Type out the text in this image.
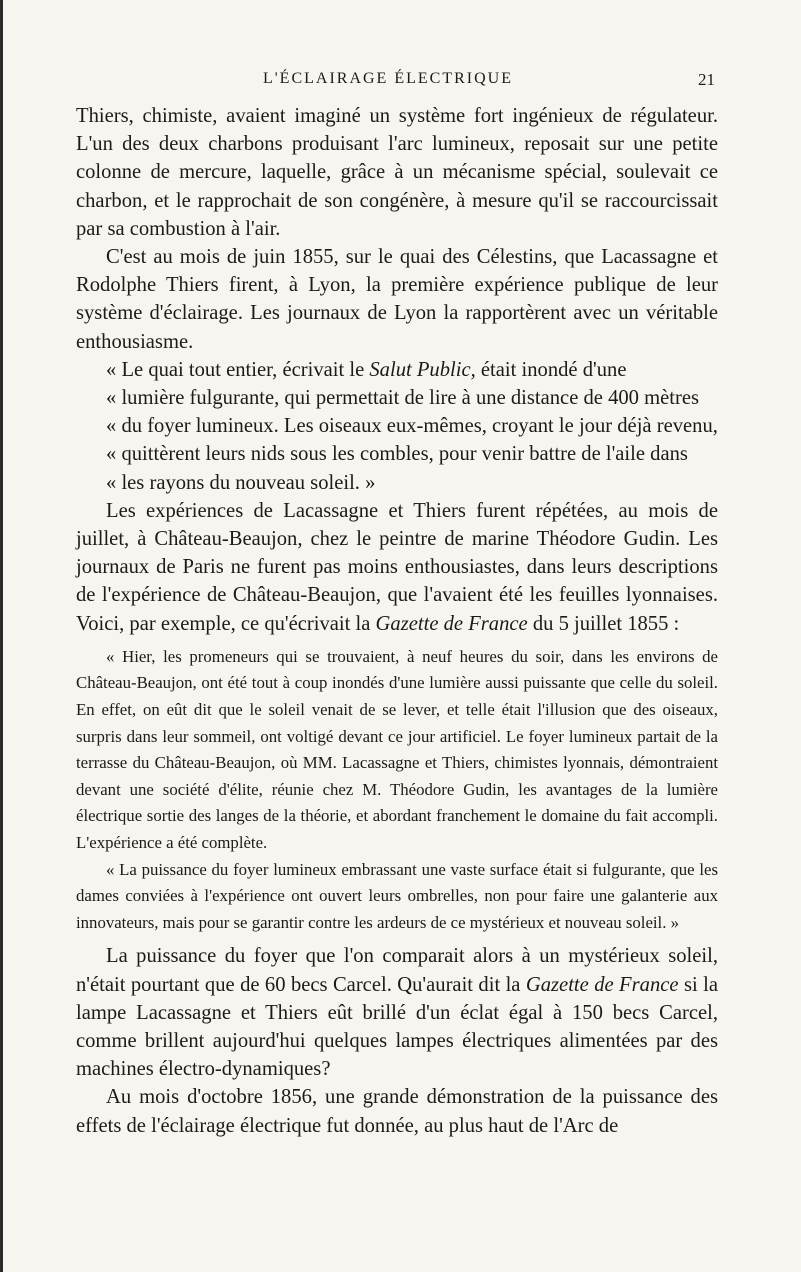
L'ÉCLAIRAGE ÉLECTRIQUE	21

Thiers, chimiste, avaient imaginé un système fort ingénieux de régulateur. L'un des deux charbons produisant l'arc lumineux, reposait sur une petite colonne de mercure, laquelle, grâce à un mécanisme spécial, soulevait ce charbon, et le rapprochait de son congénère, à mesure qu'il se raccourcissait par sa combustion à l'air.

C'est au mois de juin 1855, sur le quai des Célestins, que Lacassagne et Rodolphe Thiers firent, à Lyon, la première expérience publique de leur système d'éclairage. Les journaux de Lyon la rapportèrent avec un véritable enthousiasme.

« Le quai tout entier, écrivait le Salut Public, était inondé d'une

« lumière fulgurante, qui permettait de lire à une distance de 400 mètres

« du foyer lumineux. Les oiseaux eux-mêmes, croyant le jour déjà revenu,

« quittèrent leurs nids sous les combles, pour venir battre de l'aile dans

« les rayons du nouveau soleil. »

Les expériences de Lacassagne et Thiers furent répétées, au mois de juillet, à Château-Beaujon, chez le peintre de marine Théodore Gudin. Les journaux de Paris ne furent pas moins enthousiastes, dans leurs descriptions de l'expérience de Château-Beaujon, que l'avaient été les feuilles lyonnaises. Voici, par exemple, ce qu'écrivait la Gazette de France du 5 juillet 1855 :

« Hier, les promeneurs qui se trouvaient, à neuf heures du soir, dans les environs de Château-Beaujon, ont été tout à coup inondés d'une lumière aussi puissante que celle du soleil. En effet, on eût dit que le soleil venait de se lever, et telle était l'illusion que des oiseaux, surpris dans leur sommeil, ont voltigé devant ce jour artificiel. Le foyer lumineux partait de la terrasse du Château-Beaujon, où MM. Lacassagne et Thiers, chimistes lyonnais, démontraient devant une société d'élite, réunie chez M. Théodore Gudin, les avantages de la lumière électrique sortie des langes de la théorie, et abordant franchement le domaine du fait accompli. L'expérience a été complète.

« La puissance du foyer lumineux embrassant une vaste surface était si fulgurante, que les dames conviées à l'expérience ont ouvert leurs ombrelles, non pour faire une galanterie aux innovateurs, mais pour se garantir contre les ardeurs de ce mystérieux et nouveau soleil. »

La puissance du foyer que l'on comparait alors à un mystérieux soleil, n'était pourtant que de 60 becs Carcel. Qu'aurait dit la Gazette de France si la lampe Lacassagne et Thiers eût brillé d'un éclat égal à 150 becs Carcel, comme brillent aujourd'hui quelques lampes électriques alimentées par des machines électro-dynamiques?

Au mois d'octobre 1856, une grande démonstration de la puissance des effets de l'éclairage électrique fut donnée, au plus haut de l'Arc de
